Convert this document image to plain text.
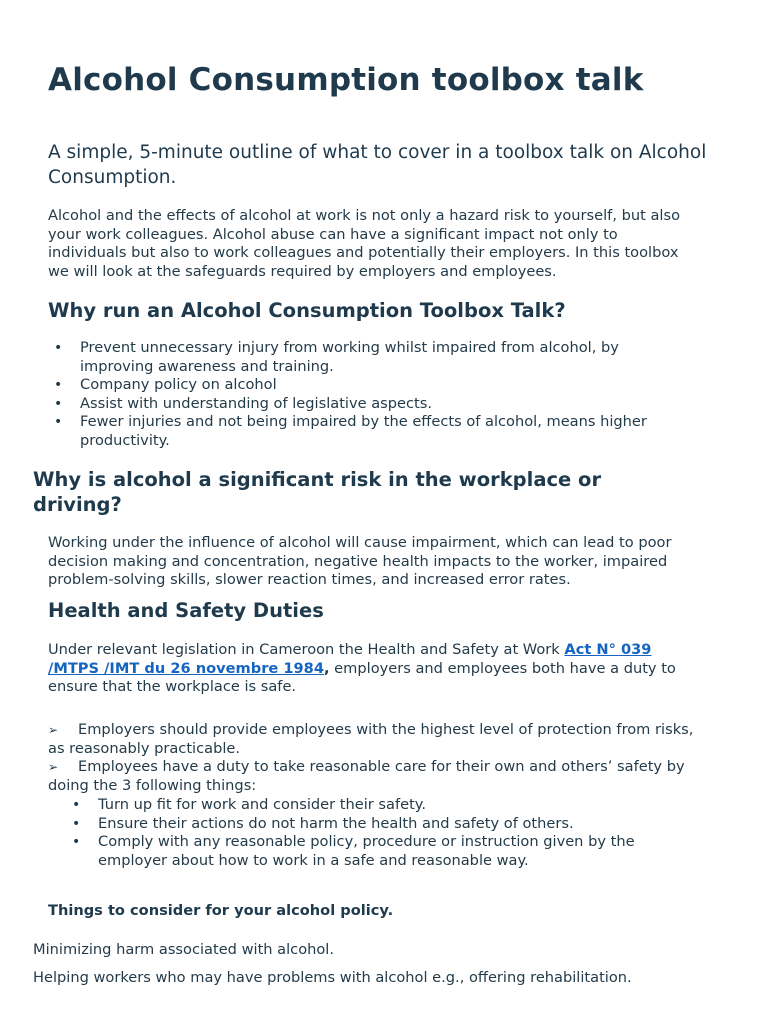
Alcohol Consumption toolbox talk

A simple, 5-minute outline of what to cover in a toolbox talk on Alcohol Consumption.

Alcohol and the effects of alcohol at work is not only a hazard risk to yourself, but also your work colleagues. Alcohol abuse can have a significant impact not only to individuals but also to work colleagues and potentially their employers. In this toolbox we will look at the safeguards required by employers and employees.

Why run an Alcohol Consumption Toolbox Talk?
• Prevent unnecessary injury from working whilst impaired from alcohol, by improving awareness and training.
• Company policy on alcohol
• Assist with understanding of legislative aspects.
• Fewer injuries and not being impaired by the effects of alcohol, means higher productivity.
Why is alcohol a significant risk in the workplace or driving?

Working under the influence of alcohol will cause impairment, which can lead to poor decision making and concentration, negative health impacts to the worker, impaired problem-solving skills, slower reaction times, and increased error rates.

Health and Safety Duties

Under relevant legislation in Cameroon the Health and Safety at Work Act N° 039 /MTPS /IMT du 26 novembre 1984, employers and employees both have a duty to ensure that the workplace is safe.

➢ Employers should provide employees with the highest level of protection from risks, as reasonably practicable.
➢ Employees have a duty to take reasonable care for their own and others’ safety by doing the 3 following things:
• Turn up fit for work and consider their safety.
• Ensure their actions do not harm the health and safety of others.
• Comply with any reasonable policy, procedure or instruction given by the employer about how to work in a safe and reasonable way.

Things to consider for your alcohol policy.

Minimizing harm associated with alcohol.

Helping workers who may have problems with alcohol e.g., offering rehabilitation.
